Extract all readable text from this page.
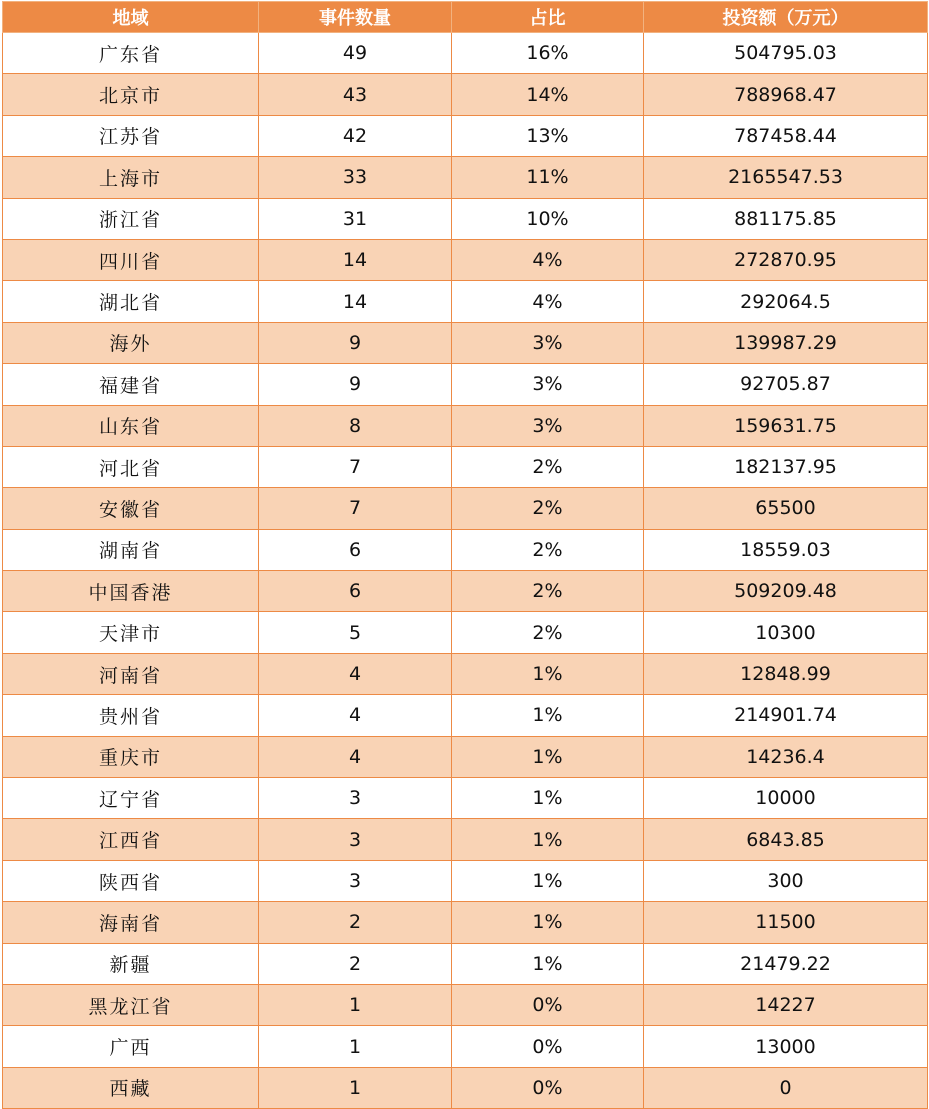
地域	事件数量	占比	投资额（万元）
广东省	49	16%	504795.03
北京市	43	14%	788968.47
江苏省	42	13%	787458.44
上海市	33	11%	2165547.53
浙江省	31	10%	881175.85
四川省	14	4%	272870.95
湖北省	14	4%	292064.5
海外	9	3%	139987.29
福建省	9	3%	92705.87
山东省	8	3%	159631.75
河北省	7	2%	182137.95
安徽省	7	2%	65500
湖南省	6	2%	18559.03
中国香港	6	2%	509209.48
天津市	5	2%	10300
河南省	4	1%	12848.99
贵州省	4	1%	214901.74
重庆市	4	1%	14236.4
辽宁省	3	1%	10000
江西省	3	1%	6843.85
陕西省	3	1%	300
海南省	2	1%	11500
新疆	2	1%	21479.22
黑龙江省	1	0%	14227
广西	1	0%	13000
西藏	1	0%	0
